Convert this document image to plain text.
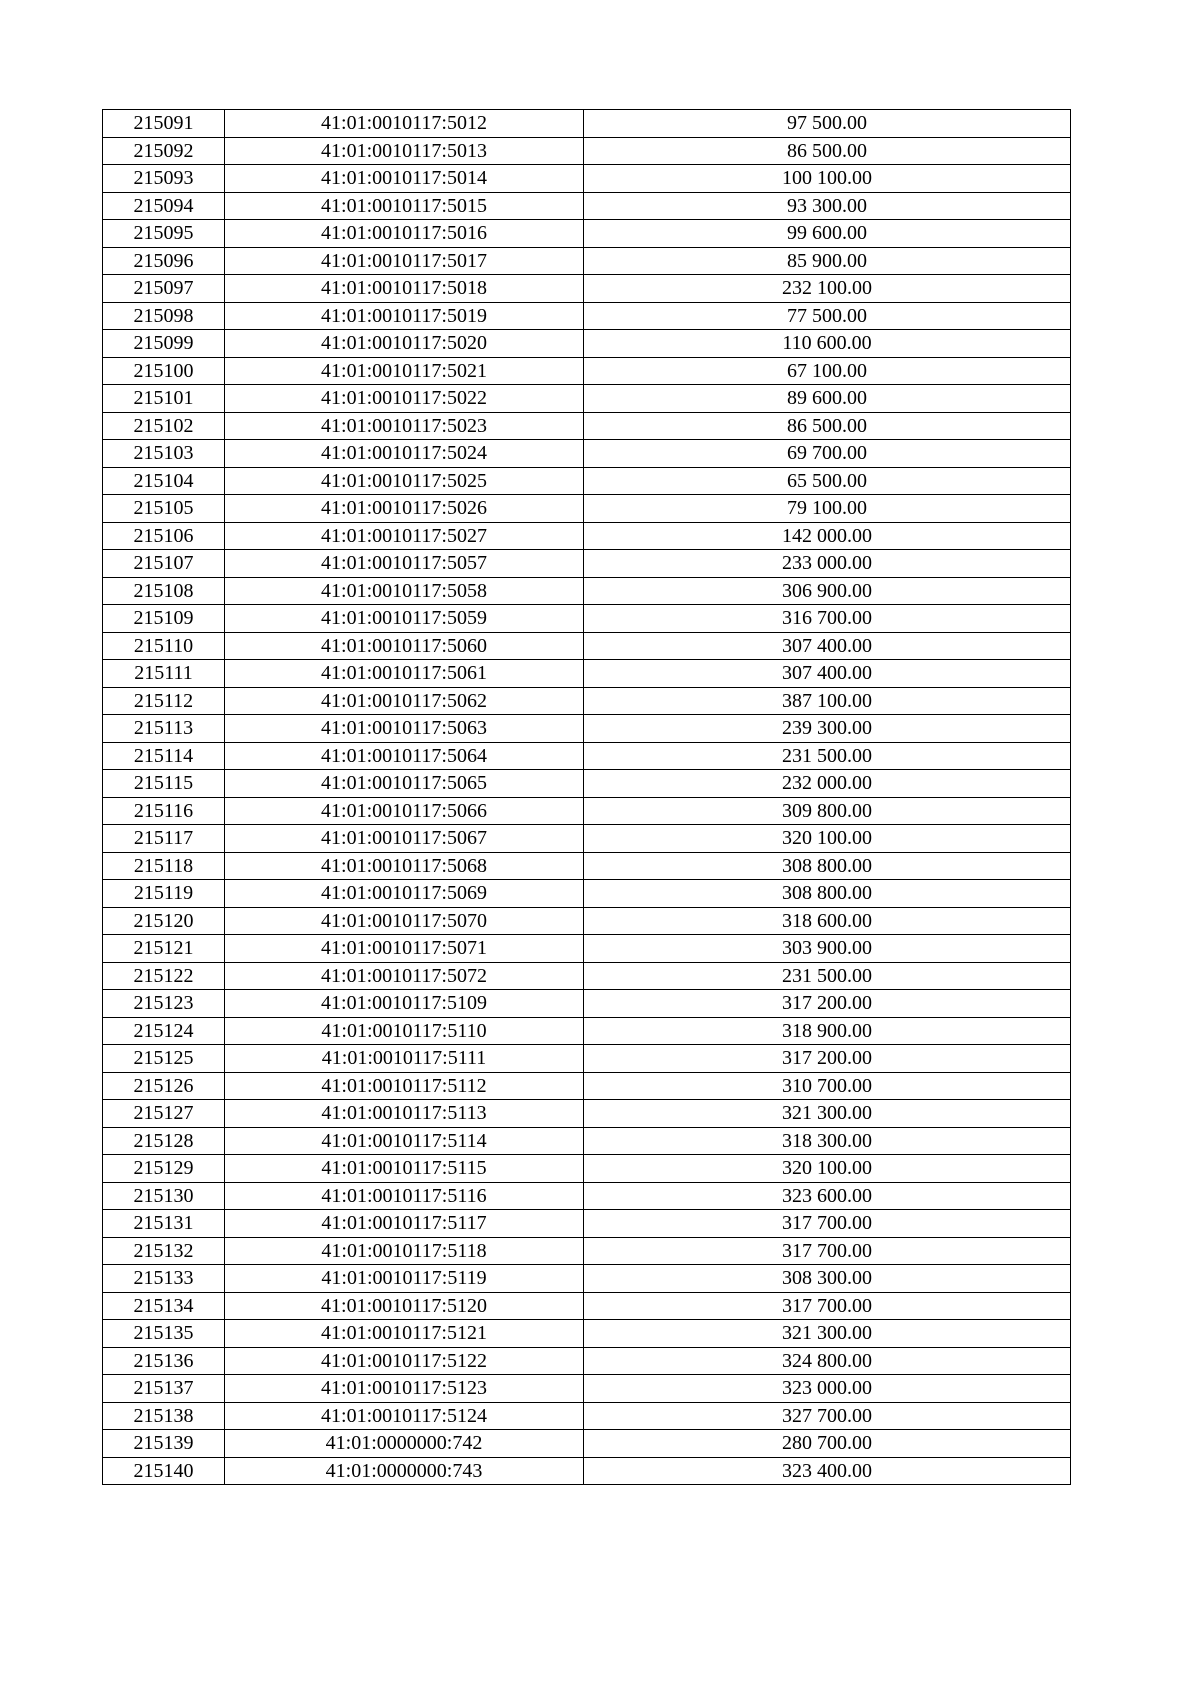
215091	41:01:0010117:5012	97 500.00
215092	41:01:0010117:5013	86 500.00
215093	41:01:0010117:5014	100 100.00
215094	41:01:0010117:5015	93 300.00
215095	41:01:0010117:5016	99 600.00
215096	41:01:0010117:5017	85 900.00
215097	41:01:0010117:5018	232 100.00
215098	41:01:0010117:5019	77 500.00
215099	41:01:0010117:5020	110 600.00
215100	41:01:0010117:5021	67 100.00
215101	41:01:0010117:5022	89 600.00
215102	41:01:0010117:5023	86 500.00
215103	41:01:0010117:5024	69 700.00
215104	41:01:0010117:5025	65 500.00
215105	41:01:0010117:5026	79 100.00
215106	41:01:0010117:5027	142 000.00
215107	41:01:0010117:5057	233 000.00
215108	41:01:0010117:5058	306 900.00
215109	41:01:0010117:5059	316 700.00
215110	41:01:0010117:5060	307 400.00
215111	41:01:0010117:5061	307 400.00
215112	41:01:0010117:5062	387 100.00
215113	41:01:0010117:5063	239 300.00
215114	41:01:0010117:5064	231 500.00
215115	41:01:0010117:5065	232 000.00
215116	41:01:0010117:5066	309 800.00
215117	41:01:0010117:5067	320 100.00
215118	41:01:0010117:5068	308 800.00
215119	41:01:0010117:5069	308 800.00
215120	41:01:0010117:5070	318 600.00
215121	41:01:0010117:5071	303 900.00
215122	41:01:0010117:5072	231 500.00
215123	41:01:0010117:5109	317 200.00
215124	41:01:0010117:5110	318 900.00
215125	41:01:0010117:5111	317 200.00
215126	41:01:0010117:5112	310 700.00
215127	41:01:0010117:5113	321 300.00
215128	41:01:0010117:5114	318 300.00
215129	41:01:0010117:5115	320 100.00
215130	41:01:0010117:5116	323 600.00
215131	41:01:0010117:5117	317 700.00
215132	41:01:0010117:5118	317 700.00
215133	41:01:0010117:5119	308 300.00
215134	41:01:0010117:5120	317 700.00
215135	41:01:0010117:5121	321 300.00
215136	41:01:0010117:5122	324 800.00
215137	41:01:0010117:5123	323 000.00
215138	41:01:0010117:5124	327 700.00
215139	41:01:0000000:742	280 700.00
215140	41:01:0000000:743	323 400.00
